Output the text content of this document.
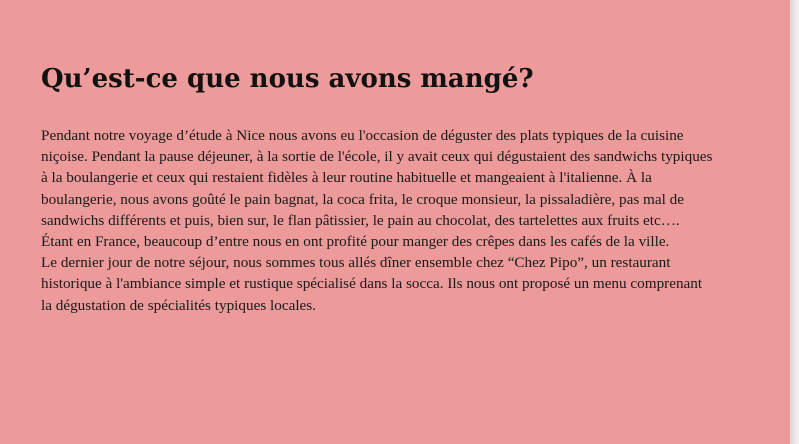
Qu’est-ce que nous avons mangé?
Pendant notre voyage d’étude à Nice nous avons eu l'occasion de déguster des plats typiques de la cuisine
niçoise. Pendant la pause déjeuner, à la sortie de l'école, il y avait ceux qui dégustaient des sandwichs typiques
à la boulangerie et ceux qui restaient fidèles à leur routine habituelle et mangeaient à l'italienne. À la
boulangerie, nous avons goûté le pain bagnat, la coca frita, le croque monsieur, la pissaladière, pas mal de
sandwichs différents et puis, bien sur, le flan pâtissier, le pain au chocolat, des tartelettes aux fruits etc….
Étant en France, beaucoup d’entre nous en ont profité pour manger des crêpes dans les cafés de la ville.
Le dernier jour de notre séjour, nous sommes tous allés dîner ensemble chez “Chez Pipo”, un restaurant
historique à l'ambiance simple et rustique spécialisé dans la socca. Ils nous ont proposé un menu comprenant
la dégustation de spécialités typiques locales.
